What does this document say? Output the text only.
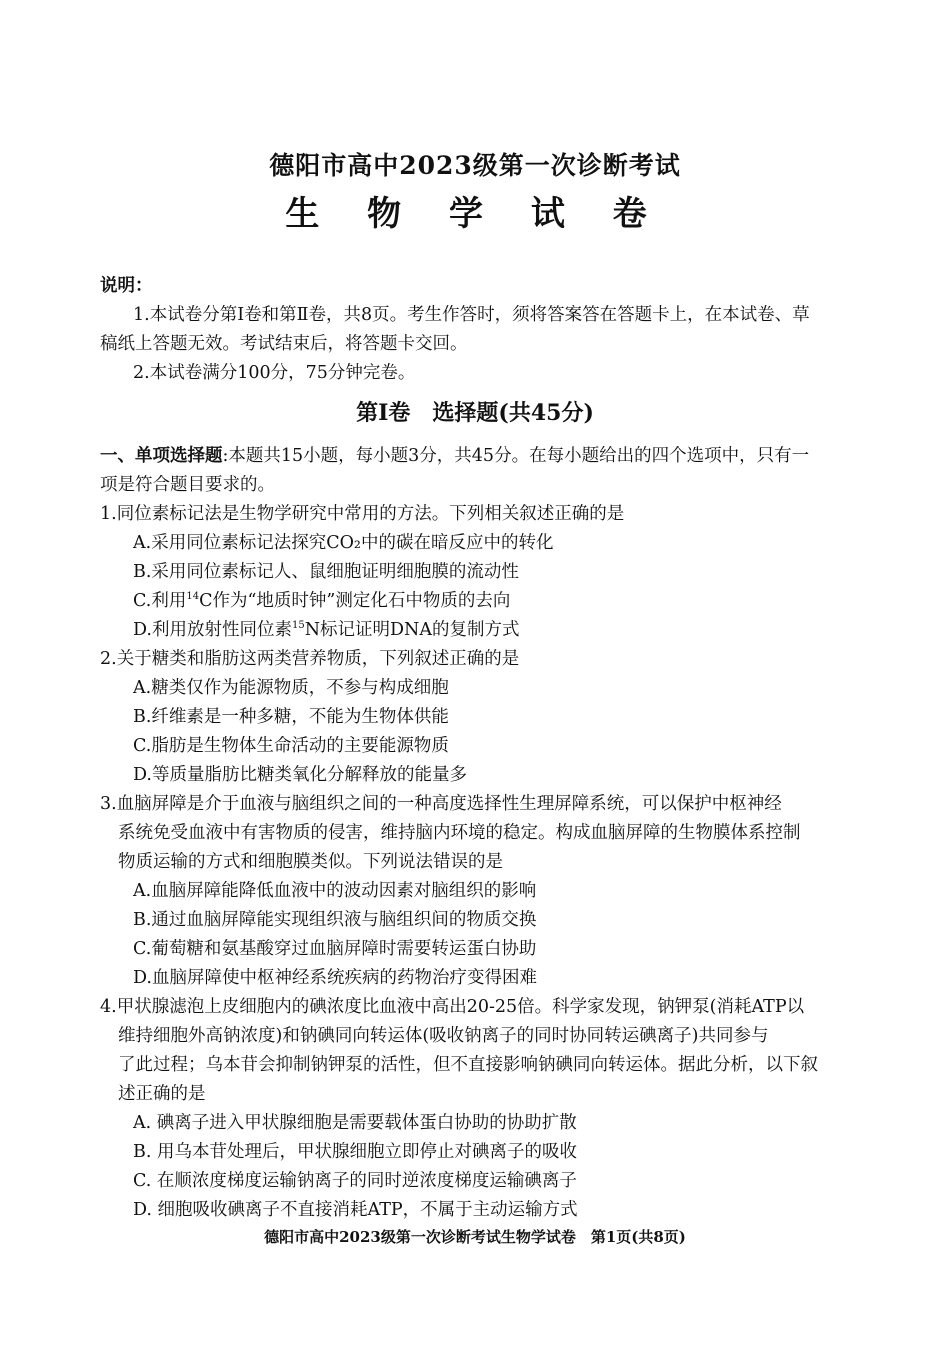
德阳市高中2023级第一次诊断考试
生 物 学 试 卷
说明：
1.本试卷分第Ⅰ卷和第Ⅱ卷，共8页。考生作答时，须将答案答在答题卡上，在本试卷、草
稿纸上答题无效。考试结束后，将答题卡交回。
2.本试卷满分100分，75分钟完卷。
第Ⅰ卷　选择题(共45分)
一、单项选择题:本题共15小题，每小题3分，共45分。在每小题给出的四个选项中，只有一
项是符合题目要求的。
1.同位素标记法是生物学研究中常用的方法。下列相关叙述正确的是
A.采用同位素标记法探究CO₂中的碳在暗反应中的转化
B.采用同位素标记人、鼠细胞证明细胞膜的流动性
C.利用$^{14}$C作为“地质时钟”测定化石中物质的去向
D.利用放射性同位素$^{15}$N标记证明DNA的复制方式
2.关于糖类和脂肪这两类营养物质，下列叙述正确的是
A.糖类仅作为能源物质，不参与构成细胞
B.纤维素是一种多糖，不能为生物体供能
C.脂肪是生物体生命活动的主要能源物质
D.等质量脂肪比糖类氧化分解释放的能量多
3.血脑屏障是介于血液与脑组织之间的一种高度选择性生理屏障系统，可以保护中枢神经
系统免受血液中有害物质的侵害，维持脑内环境的稳定。构成血脑屏障的生物膜体系控制
物质运输的方式和细胞膜类似。下列说法错误的是
A.血脑屏障能降低血液中的波动因素对脑组织的影响
B.通过血脑屏障能实现组织液与脑组织间的物质交换
C.葡萄糖和氨基酸穿过血脑屏障时需要转运蛋白协助
D.血脑屏障使中枢神经系统疾病的药物治疗变得困难
4.甲状腺滤泡上皮细胞内的碘浓度比血液中高出20-25倍。科学家发现，钠钾泵(消耗ATP以
维持细胞外高钠浓度)和钠碘同向转运体(吸收钠离子的同时协同转运碘离子)共同参与
了此过程；乌本苷会抑制钠钾泵的活性，但不直接影响钠碘同向转运体。据此分析，以下叙
述正确的是
A. 碘离子进入甲状腺细胞是需要载体蛋白协助的协助扩散
B. 用乌本苷处理后，甲状腺细胞立即停止对碘离子的吸收
C. 在顺浓度梯度运输钠离子的同时逆浓度梯度运输碘离子
D. 细胞吸收碘离子不直接消耗ATP，不属于主动运输方式
德阳市高中2023级第一次诊断考试生物学试卷　第1页(共8页)
